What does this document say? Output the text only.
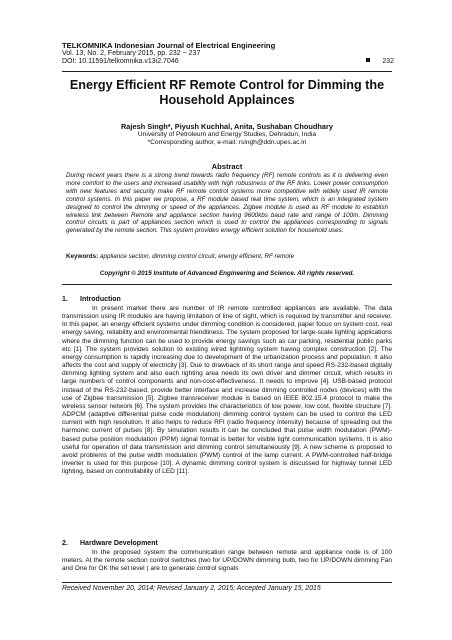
TELKOMNIKA Indonesian Journal of Electrical Engineering
Vol. 13, No. 2, February 2015, pp. 232 ~ 237
DOI: 10.11591/telkomnika.v13i2.7046	232
Energy Efficient RF Remote Control for Dimming the Household Applainces
Rajesh Singh*, Piyush Kuchhal, Anita, Sushaban Choudhary
University of Petroleum and Energy Studies, Dehradun, India
*Corresponding author, e-mail: rsingh@ddn.upes.ac.in
Abstract
During recent years there is a strong trend towards radio frequency (RF) remote controls as it is delivering even more comfort to the users and increased usability with high robustness of the RF links. Lower power consumption with new features and security make RF remote control systems more competitive with widely used IR remote control systems. In this paper we propose, a RF module based real time system, which is an integrated system designed to control the dimming or speed of the appliances. Zigbee module is used as RF module to establish wireless link between Remote and appliance section having 9600kbs baud rate and range of 100m. Dimming control circuits is part of appliances section which is used to control the appliances corresponding to signals generated by the remote section. This system provides energy efficient solution for household uses.
Keywords: appliance section, dimming control circuit, energy efficient, RF remote
Copyright © 2015 Institute of Advanced Engineering and Science. All rights reserved.
1. Introduction
In present market there are number of IR remote controlled appliances are available. The data transmission using IR modules are having limitation of line of sight, which is required by transmitter and receiver. In this paper, an energy efficient systems under dimming condition is considered, paper focus on system cost, real energy saving, reliability and environmental friendliness. The system proposed for large-scale lighting applications where the dimming function can be used to provide energy savings such as car parking, residential public parks etc [1]. The system provides solution to existing wired lightning system having complex construction [2]. The energy consumption is rapidly increasing due to development of the urbanization process and population. It also affects the cost and supply of electricity [3]. Due to drawback of its short range and speed RS-232-based digitally dimming lighting system and also each lighting area needs its own driver and dimmer circuit, which results in large numbers of control components and non-cost-effectiveness. It needs to improve [4]. USB-based protocol instead of the RS-232-based, provide better interface and increase dimming controlled nodes (devices) with the use of Zigbee transmission [5]. Zigbee transreceiver module is based on IEEE 802.15.4 protocol to make the wireless sensor network [6]. The system provides the characteristics of low power, low cost, flexible structure [7]. ADPCM (adaptive differential pulse code modulation) dimming control system can be used to control the LED current with high resolution. It also helps to reduce RFI (radio frequency intensity) because of spreading out the harmonic current of pulses [8]. By simulation results it can be concluded that pulse width modulation (PWM)-based pulse position modulation (PPM) signal format is better for visible light communication systems. It is also useful for operation of data transmission and dimming control simultaneously [9]. A new scheme is proposed to avoid problems of the pulse width modulation (PWM) control of the lamp current. A PWM-controlled half-bridge inverter is used for this purpose [10]. A dynamic dimming control system is discussed for highway tunnel LED lighting, based on controllability of LED [11].
2. Hardware Development
In the proposed system the communication range between remote and appliance node is of 100 meters. At the remote section control switches (two for UP/DOWN dimming bulb, two for UP/DOWN dimming Fan and One for OK the set level ) are to generate control signals
Received November 20, 2014; Revised January 2, 2015; Accepted January 15, 2015
